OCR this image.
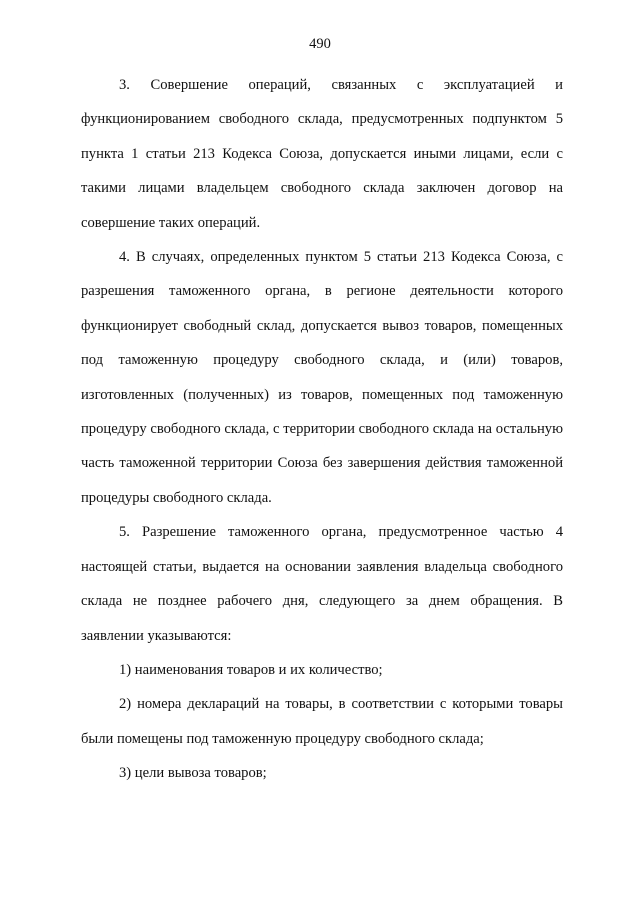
490

3. Совершение операций, связанных с эксплуатацией и функционированием свободного склада, предусмотренных подпунктом 5 пункта 1 статьи 213 Кодекса Союза, допускается иными лицами, если с такими лицами владельцем свободного склада заключен договор на совершение таких операций.

4. В случаях, определенных пунктом 5 статьи 213 Кодекса Союза, с разрешения таможенного органа, в регионе деятельности которого функционирует свободный склад, допускается вывоз товаров, помещенных под таможенную процедуру свободного склада, и (или) товаров, изготовленных (полученных) из товаров, помещенных под таможенную процедуру свободного склада, с территории свободного склада на остальную часть таможенной территории Союза без завершения действия таможенной процедуры свободного склада.

5. Разрешение таможенного органа, предусмотренное частью 4 настоящей статьи, выдается на основании заявления владельца свободного склада не позднее рабочего дня, следующего за днем обращения. В заявлении указываются:

1) наименования товаров и их количество;

2) номера деклараций на товары, в соответствии с которыми товары были помещены под таможенную процедуру свободного склада;

3) цели вывоза товаров;
